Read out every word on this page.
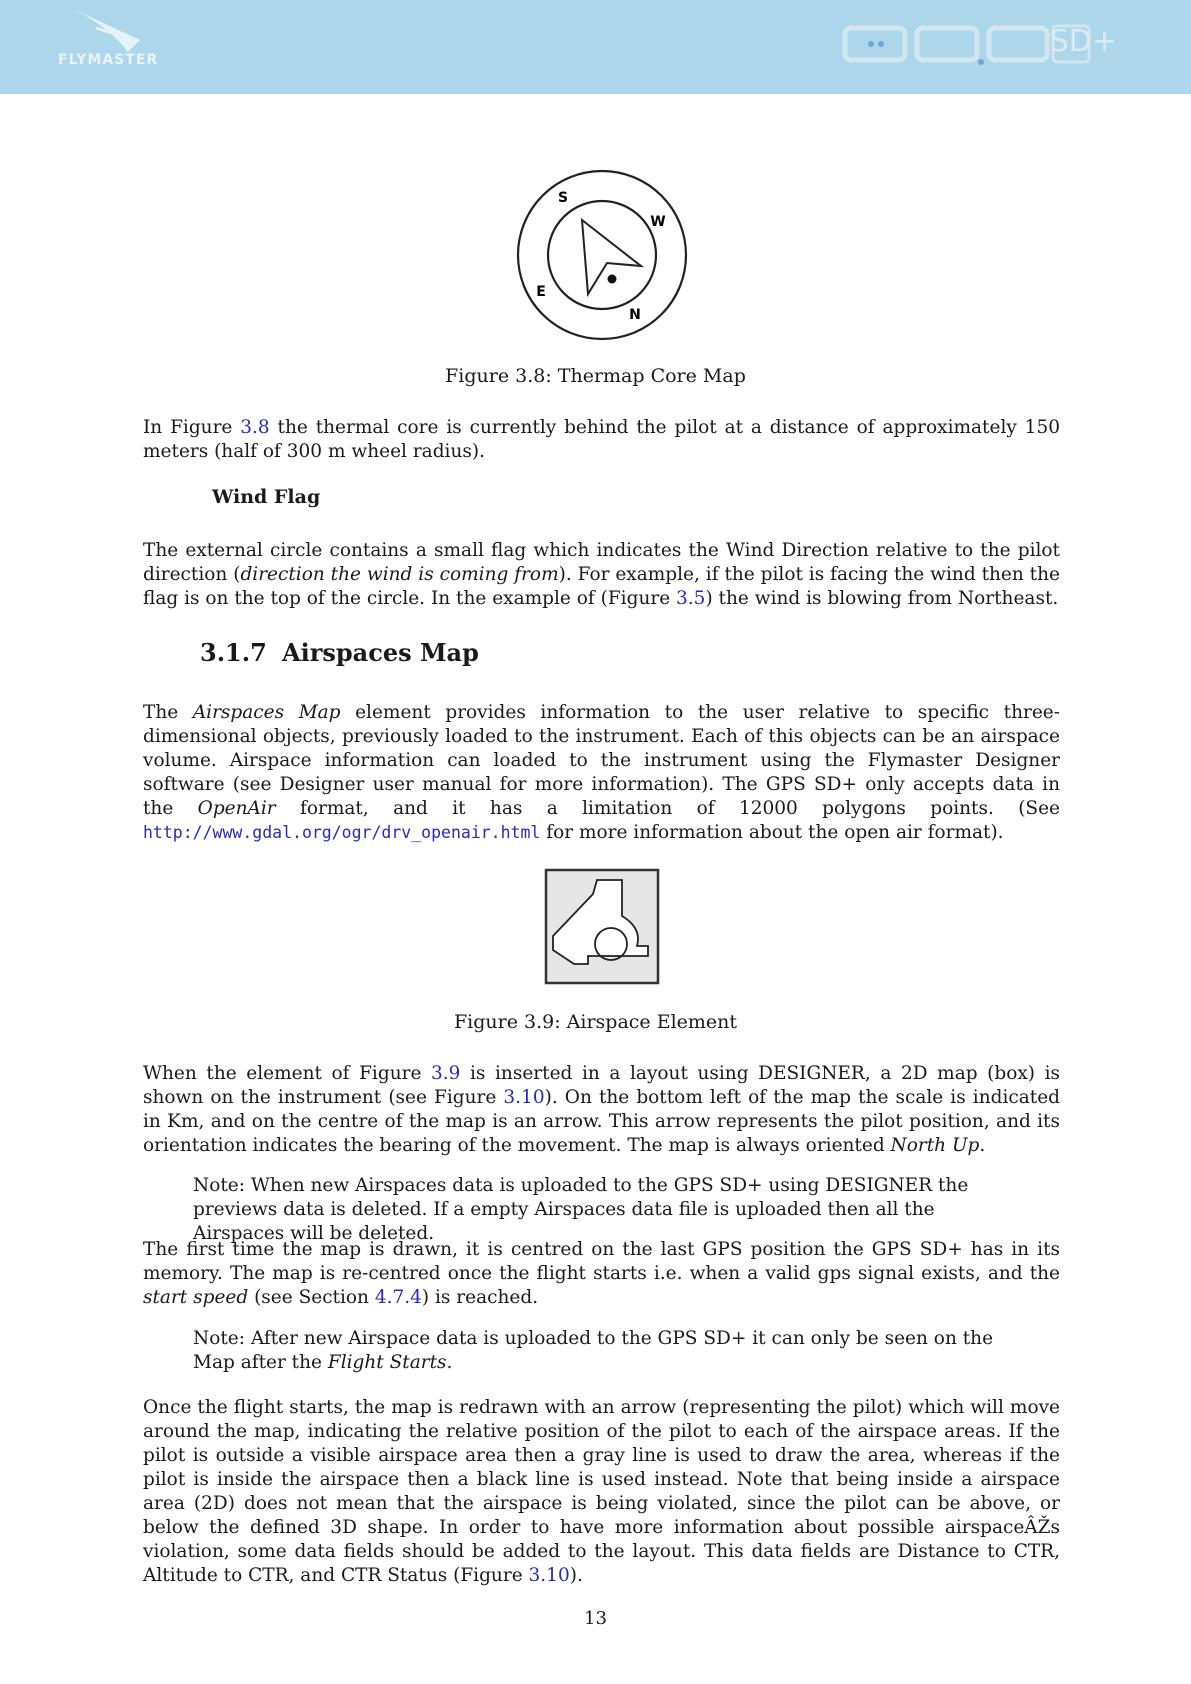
FLYMASTER
SD+
S
W
E
N
Figure 3.8: Thermap Core Map
In Figure 3.8 the thermal core is currently behind the pilot at a distance of approximately 150 meters (half of 300 m wheel radius).
Wind Flag
The external circle contains a small flag which indicates the Wind Direction relative to the pilot direction (direction the wind is coming from). For example, if the pilot is facing the wind then the flag is on the top of the circle. In the example of (Figure 3.5) the wind is blowing from Northeast.
3.1.7 Airspaces Map
The Airspaces Map element provides information to the user relative to specific three-dimensional objects, previously loaded to the instrument. Each of this objects can be an airspace volume. Airspace information can loaded to the instrument using the Flymaster Designer software (see Designer user manual for more information). The GPS SD+ only accepts data in the OpenAir format, and it has a limitation of 12000 polygons points. (See http://www.gdal.org/ogr/drv_openair.html for more information about the open air format).
Figure 3.9: Airspace Element
When the element of Figure 3.9 is inserted in a layout using DESIGNER, a 2D map (box) is shown on the instrument (see Figure 3.10). On the bottom left of the map the scale is indicated in Km, and on the centre of the map is an arrow. This arrow represents the pilot position, and its orientation indicates the bearing of the movement. The map is always oriented North Up.
Note: When new Airspaces data is uploaded to the GPS SD+ using DESIGNER the previews data is deleted. If a empty Airspaces data file is uploaded then all the Airspaces will be deleted.
The first time the map is drawn, it is centred on the last GPS position the GPS SD+ has in its memory. The map is re-centred once the flight starts i.e. when a valid gps signal exists, and the start speed (see Section 4.7.4) is reached.
Note: After new Airspace data is uploaded to the GPS SD+ it can only be seen on the Map after the Flight Starts.
Once the flight starts, the map is redrawn with an arrow (representing the pilot) which will move around the map, indicating the relative position of the pilot to each of the airspace areas. If the pilot is outside a visible airspace area then a gray line is used to draw the area, whereas if the pilot is inside the airspace then a black line is used instead. Note that being inside a airspace area (2D) does not mean that the airspace is being violated, since the pilot can be above, or below the defined 3D shape. In order to have more information about possible airspaceÂŽs violation, some data fields should be added to the layout. This data fields are Distance to CTR, Altitude to CTR, and CTR Status (Figure 3.10).
13
